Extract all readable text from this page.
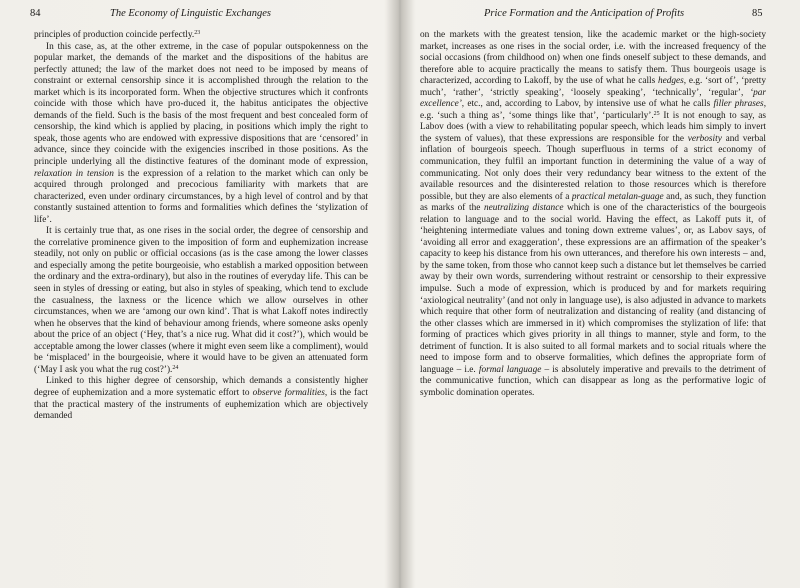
84	The Economy of Linguistic Exchanges

principles of production coincide perfectly.$^{23}$

In this case, as, at the other extreme, in the case of popular outspokenness on the popular market, the demands of the market and the dispositions of the habitus are perfectly attuned; the law of the market does not need to be imposed by means of constraint or external censorship since it is accomplished through the relation to the market which is its incorporated form. When the objective structures which it confronts coincide with those which have pro-duced it, the habitus anticipates the objective demands of the field. Such is the basis of the most frequent and best concealed form of censorship, the kind which is applied by placing, in positions which imply the right to speak, those agents who are endowed with expressive dispositions that are ‘censored’ in advance, since they coincide with the exigencies inscribed in those positions. As the principle underlying all the distinctive features of the dominant mode of expression, relaxation in tension is the expression of a relation to the market which can only be acquired through prolonged and precocious familiarity with markets that are characterized, even under ordinary circumstances, by a high level of control and by that constantly sustained attention to forms and formalities which defines the ‘stylization of life’.

It is certainly true that, as one rises in the social order, the degree of censorship and the correlative prominence given to the imposition of form and euphemization increase steadily, not only on public or official occasions (as is the case among the lower classes and especially among the petite bourgeoisie, who establish a marked opposition between the ordinary and the extra-ordinary), but also in the routines of everyday life. This can be seen in styles of dressing or eating, but also in styles of speaking, which tend to exclude the casualness, the laxness or the licence which we allow ourselves in other circumstances, when we are ‘among our own kind’. That is what Lakoff notes indirectly when he observes that the kind of behaviour among friends, where someone asks openly about the price of an object (‘Hey, that’s a nice rug. What did it cost?’), which would be acceptable among the lower classes (where it might even seem like a compliment), would be ‘misplaced’ in the bourgeoisie, where it would have to be given an attenuated form (‘May I ask you what the rug cost?’).$^{24}$

Linked to this higher degree of censorship, which demands a consistently higher degree of euphemization and a more systematic effort to observe formalities, is the fact that the practical mastery of the instruments of euphemization which are objectively demanded

Price Formation and the Anticipation of Profits	85

on the markets with the greatest tension, like the academic market or the high-society market, increases as one rises in the social order, i.e. with the increased frequency of the social occasions (from childhood on) when one finds oneself subject to these demands, and therefore able to acquire practically the means to satisfy them. Thus bourgeois usage is characterized, according to Lakoff, by the use of what he calls hedges, e.g. ‘sort of’, ‘pretty much’, ‘rather’, ‘strictly speaking’, ‘loosely speaking’, ‘technically’, ‘regular’, ‘par excellence’, etc., and, according to Labov, by intensive use of what he calls filler phrases, e.g. ‘such a thing as’, ‘some things like that’, ‘particularly’.$^{25}$ It is not enough to say, as Labov does (with a view to rehabilitating popular speech, which leads him simply to invert the system of values), that these expressions are responsible for the verbosity and verbal inflation of bourgeois speech. Though superfluous in terms of a strict economy of communication, they fulfil an important function in determining the value of a way of communicating. Not only does their very redundancy bear witness to the extent of the available resources and the disinterested relation to those resources which is therefore possible, but they are also elements of a practical metalan-guage and, as such, they function as marks of the neutralizing distance which is one of the characteristics of the bourgeois relation to language and to the social world. Having the effect, as Lakoff puts it, of ‘heightening intermediate values and toning down extreme values’, or, as Labov says, of ‘avoiding all error and exaggeration’, these expressions are an affirmation of the speaker’s capacity to keep his distance from his own utterances, and therefore his own interests – and, by the same token, from those who cannot keep such a distance but let themselves be carried away by their own words, surrendering without restraint or censorship to their expressive impulse. Such a mode of expression, which is produced by and for markets requiring ‘axiological neutrality’ (and not only in language use), is also adjusted in advance to markets which require that other form of neutralization and distancing of reality (and distancing of the other classes which are immersed in it) which compromises the stylization of life: that forming of practices which gives priority in all things to manner, style and form, to the detriment of function. It is also suited to all formal markets and to social rituals where the need to impose form and to observe formalities, which defines the appropriate form of language – i.e. formal language – is absolutely imperative and prevails to the detriment of the communicative function, which can disappear as long as the performative logic of symbolic domination operates.
